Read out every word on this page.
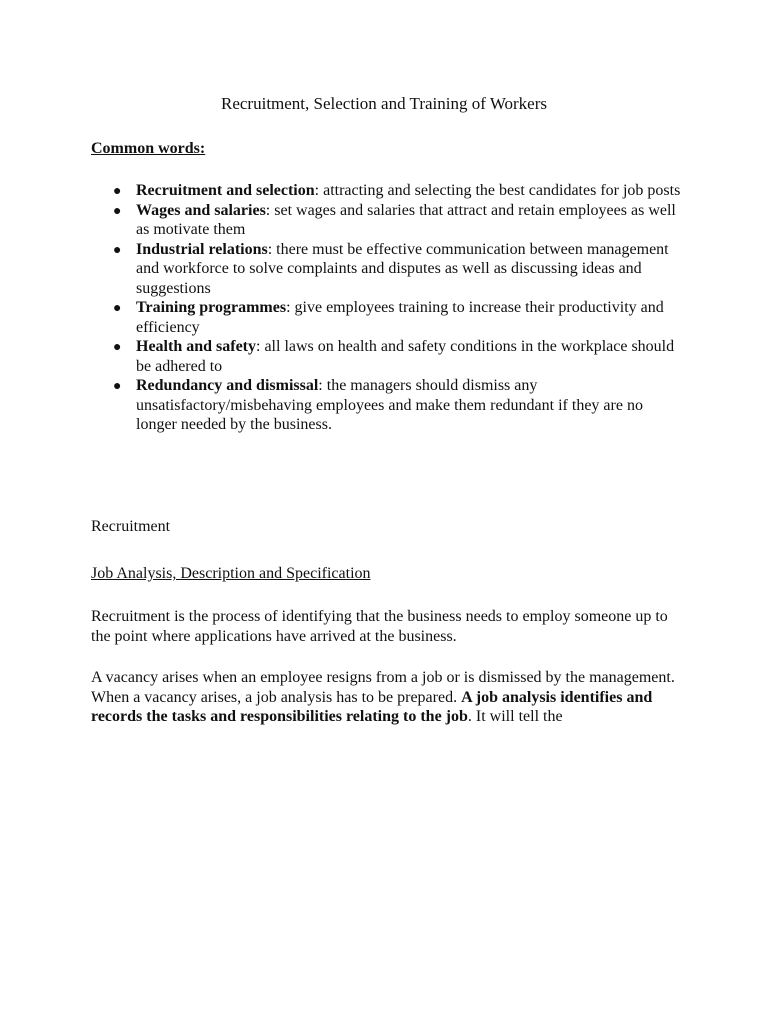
Recruitment, Selection and Training of Workers
Common words:
● Recruitment and selection: attracting and selecting the best candidates for job posts
● Wages and salaries: set wages and salaries that attract and retain employees as well as motivate them
● Industrial relations: there must be effective communication between management and workforce to solve complaints and disputes as well as discussing ideas and suggestions
● Training programmes: give employees training to increase their productivity and efficiency
● Health and safety: all laws on health and safety conditions in the workplace should be adhered to
● Redundancy and dismissal: the managers should dismiss any unsatisfactory/misbehaving employees and make them redundant if they are no longer needed by the business.
Recruitment
Job Analysis, Description and Specification

Recruitment is the process of identifying that the business needs to employ someone up to the point where applications have arrived at the business.

A vacancy arises when an employee resigns from a job or is dismissed by the management. When a vacancy arises, a job analysis has to be prepared. A job analysis identifies and records the tasks and responsibilities relating to the job. It will tell the
